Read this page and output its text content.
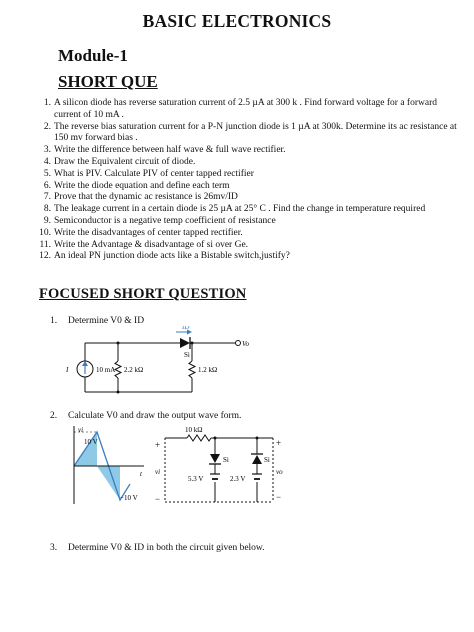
BASIC ELECTRONICS
Module-1
SHORT QUE
1. A silicon diode has reverse saturation current of 2.5 µA at 300 k . Find forward voltage for a forward current of 10 mA .
2. The reverse bias saturation current for a P-N junction diode is 1 µA at 300k. Determine its ac resistance at 150 mv forward bias .
3. Write the difference between half wave & full wave rectifier.
4. Draw the Equivalent circuit of diode.
5. What is PIV. Calculate PIV of center tapped rectifier
6. Write the diode equation and define each term
7. Prove that the dynamic ac resistance is 26mv/ID
8. The leakage current in a certain diode is 25 µA at 25° C . Find the change in temperature required
9. Semiconductor is a negative temp coefficient of resistance
10. Write the disadvantages of center tapped rectifier.
11. Write the Advantage & disadvantage of si over Ge.
12. An ideal PN junction diode acts like a Bistable switch,justify?
FOCUSED SHORT QUESTION
1. Determine V0 & ID
2. Calculate V0 and draw the output wave form.
3. Determine V0 & ID in both the circuit given below.
ID
Vo
Si
I	10 mA 2.2 kΩ	1.2 kΩ
vi
10 V
−10 V
t
10 kΩ
+
vi
−
+
vo
−
Si	Si
5.3 V	2.3 V
